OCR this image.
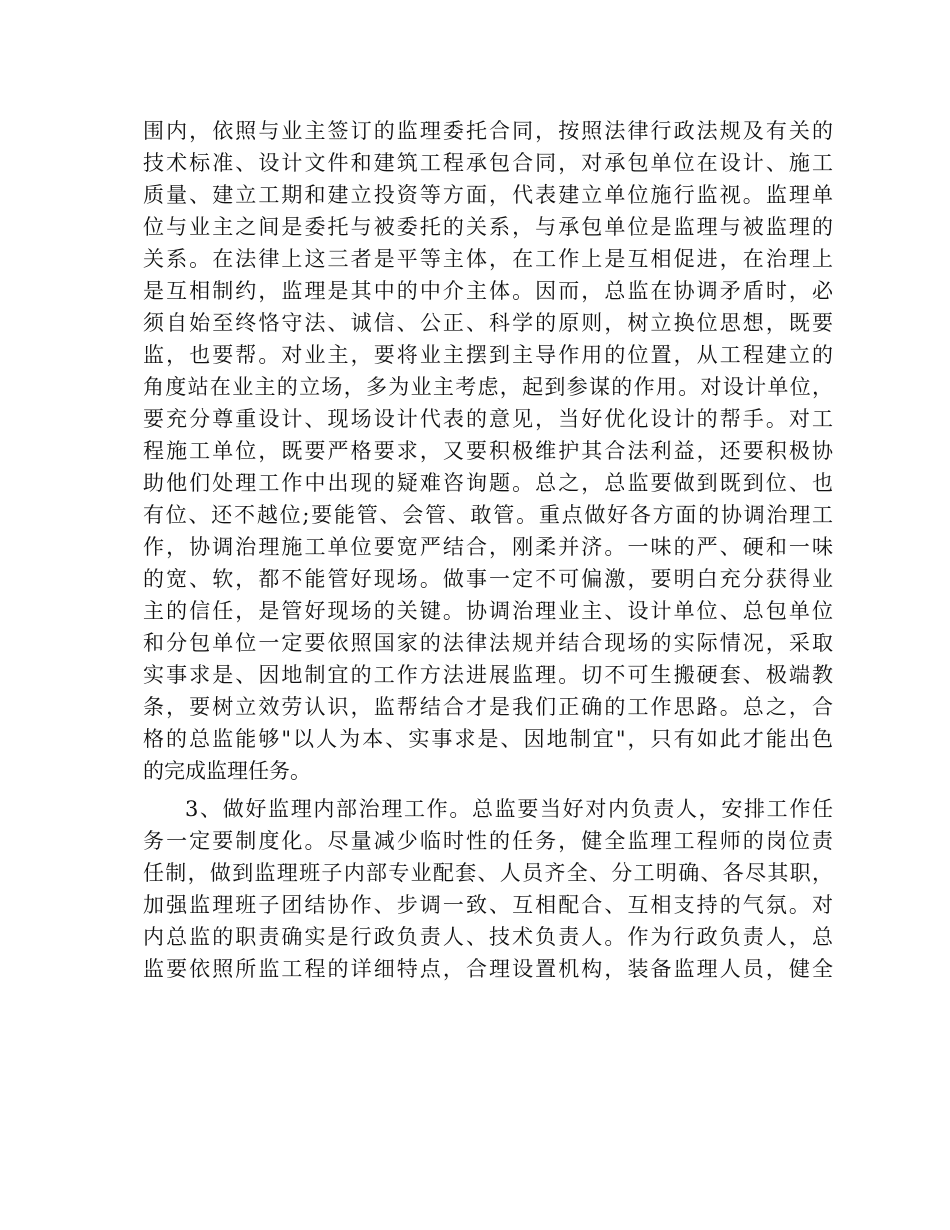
围内，依照与业主签订的监理委托合同，按照法律行政法规及有关的
技术标准、设计文件和建筑工程承包合同，对承包单位在设计、施工
质量、建立工期和建立投资等方面，代表建立单位施行监视。监理单
位与业主之间是委托与被委托的关系，与承包单位是监理与被监理的
关系。在法律上这三者是平等主体，在工作上是互相促进，在治理上
是互相制约，监理是其中的中介主体。因而，总监在协调矛盾时，必
须自始至终恪守法、诚信、公正、科学的原则，树立换位思想，既要
监，也要帮。对业主，要将业主摆到主导作用的位置，从工程建立的
角度站在业主的立场，多为业主考虑，起到参谋的作用。对设计单位，
要充分尊重设计、现场设计代表的意见，当好优化设计的帮手。对工
程施工单位，既要严格要求，又要积极维护其合法利益，还要积极协
助他们处理工作中出现的疑难咨询题。总之，总监要做到既到位、也
有位、还不越位;要能管、会管、敢管。重点做好各方面的协调治理工
作，协调治理施工单位要宽严结合，刚柔并济。一味的严、硬和一味
的宽、软，都不能管好现场。做事一定不可偏激，要明白充分获得业
主的信任，是管好现场的关键。协调治理业主、设计单位、总包单位
和分包单位一定要依照国家的法律法规并结合现场的实际情况，采取
实事求是、因地制宜的工作方法进展监理。切不可生搬硬套、极端教
条，要树立效劳认识，监帮结合才是我们正确的工作思路。总之，合
格的总监能够"以人为本、实事求是、因地制宜"，只有如此才能出色
的完成监理任务。
3、做好监理内部治理工作。总监要当好对内负责人，安排工作任
务一定要制度化。尽量减少临时性的任务，健全监理工程师的岗位责
任制，做到监理班子内部专业配套、人员齐全、分工明确、各尽其职，
加强监理班子团结协作、步调一致、互相配合、互相支持的气氛。对
内总监的职责确实是行政负责人、技术负责人。作为行政负责人，总
监要依照所监工程的详细特点，合理设置机构，装备监理人员，健全
